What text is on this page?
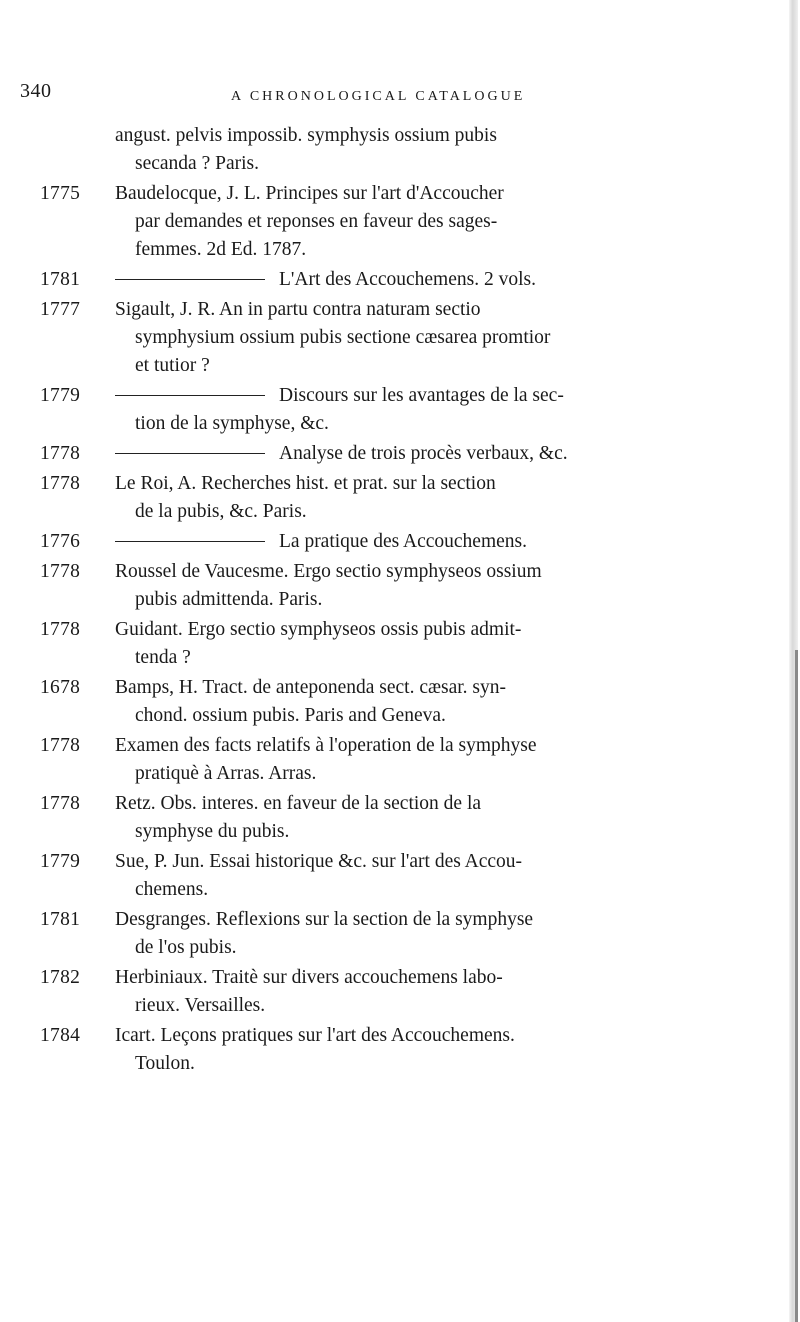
340	A CHRONOLOGICAL CATALOGUE
angust. pelvis impossib. symphysis ossium pubis
secanda ? Paris.
1775	Baudelocque, J. L. Principes sur l'art d'Accoucher
par demandes et reponses en faveur des sages-
femmes. 2d Ed. 1787.
1781	L'Art des Accouchemens. 2 vols.
1777	Sigault, J. R. An in partu contra naturam sectio
symphysium ossium pubis sectione cæsarea promtior
et tutior ?
1779	Discours sur les avantages de la sec-
tion de la symphyse, &c.
1778	Analyse de trois procès verbaux, &c.
1778	Le Roi, A. Recherches hist. et prat. sur la section
de la pubis, &c. Paris.
1776	La pratique des Accouchemens.
1778	Roussel de Vaucesme. Ergo sectio symphyseos ossium
pubis admittenda. Paris.
1778	Guidant. Ergo sectio symphyseos ossis pubis admit-
tenda ?
1678	Bamps, H. Tract. de anteponenda sect. cæsar. syn-
chond. ossium pubis. Paris and Geneva.
1778	Examen des facts relatifs à l'operation de la symphyse
pratiquè à Arras. Arras.
1778	Retz. Obs. interes. en faveur de la section de la
symphyse du pubis.
1779	Sue, P. Jun. Essai historique &c. sur l'art des Accou-
chemens.
1781	Desgranges. Reflexions sur la section de la symphyse
de l'os pubis.
1782	Herbiniaux. Traitè sur divers accouchemens labo-
rieux. Versailles.
1784	Icart. Leçons pratiques sur l'art des Accouchemens.
Toulon.
